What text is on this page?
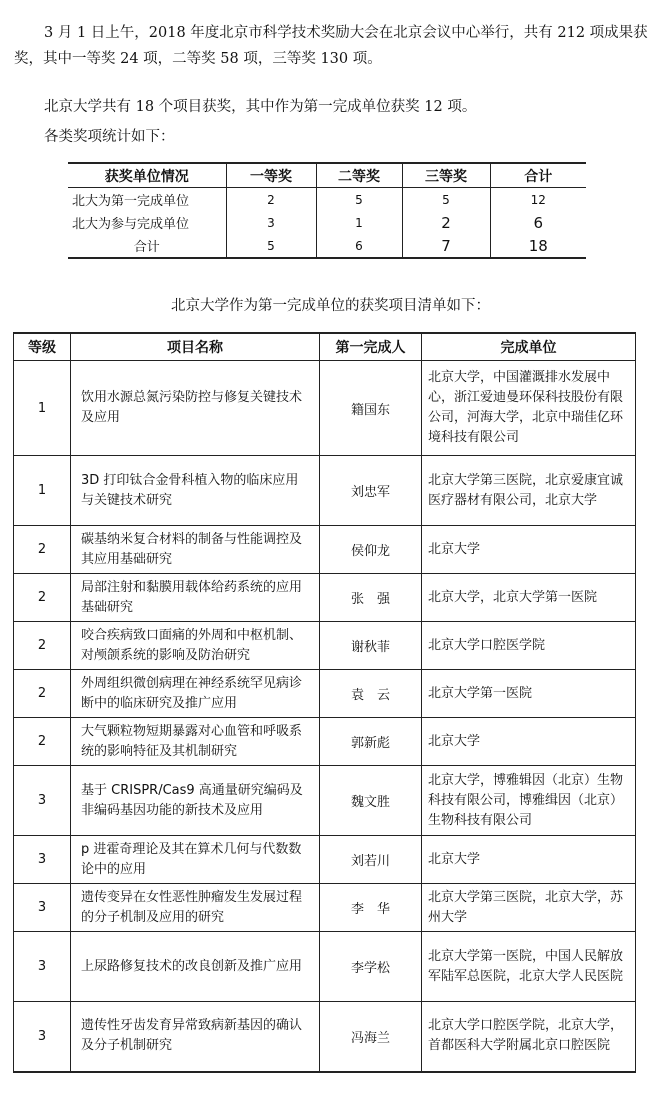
3 月 1 日上午，2018 年度北京市科学技术奖励大会在北京会议中心举行，共有 212 项成果获奖，其中一等奖 24 项，二等奖 58 项，三等奖 130 项。

北京大学共有 18 个项目获奖，其中作为第一完成单位获奖 12 项。

各类奖项统计如下：

获奖单位情况	一等奖	二等奖	三等奖	合计
北大为第一完成单位	2	5	5	12
北大为参与完成单位	3	1	2	6
合计	5	6	7	18

北京大学作为第一完成单位的获奖项目清单如下：

等级	项目名称	第一完成人	完成单位
1	饮用水源总氮污染防控与修复关键技术及应用	籍国东	北京大学，中国灌溉排水发展中心，浙江爱迪曼环保科技股份有限公司，河海大学，北京中瑞佳亿环境科技有限公司
1	3D 打印钛合金骨科植入物的临床应用与关键技术研究	刘忠军	北京大学第三医院，北京爱康宜诚医疗器材有限公司，北京大学
2	碳基纳米复合材料的制备与性能调控及其应用基础研究	侯仰龙	北京大学
2	局部注射和黏膜用载体给药系统的应用基础研究	张　强	北京大学，北京大学第一医院
2	咬合疾病致口面痛的外周和中枢机制、对颅颌系统的影响及防治研究	谢秋菲	北京大学口腔医学院
2	外周组织微创病理在神经系统罕见病诊断中的临床研究及推广应用	袁　云	北京大学第一医院
2	大气颗粒物短期暴露对心血管和呼吸系统的影响特征及其机制研究	郭新彪	北京大学
3	基于 CRISPR/Cas9 高通量研究编码及非编码基因功能的新技术及应用	魏文胜	北京大学，博雅辑因（北京）生物科技有限公司，博雅缉因（北京）生物科技有限公司
3	p 进霍奇理论及其在算术几何与代数数论中的应用	刘若川	北京大学
3	遗传变异在女性恶性肿瘤发生发展过程的分子机制及应用的研究	李　华	北京大学第三医院，北京大学，苏州大学
3	上尿路修复技术的改良创新及推广应用	李学松	北京大学第一医院，中国人民解放军陆军总医院，北京大学人民医院
3	遗传性牙齿发育异常致病新基因的确认及分子机制研究	冯海兰	北京大学口腔医学院，北京大学，首都医科大学附属北京口腔医院
